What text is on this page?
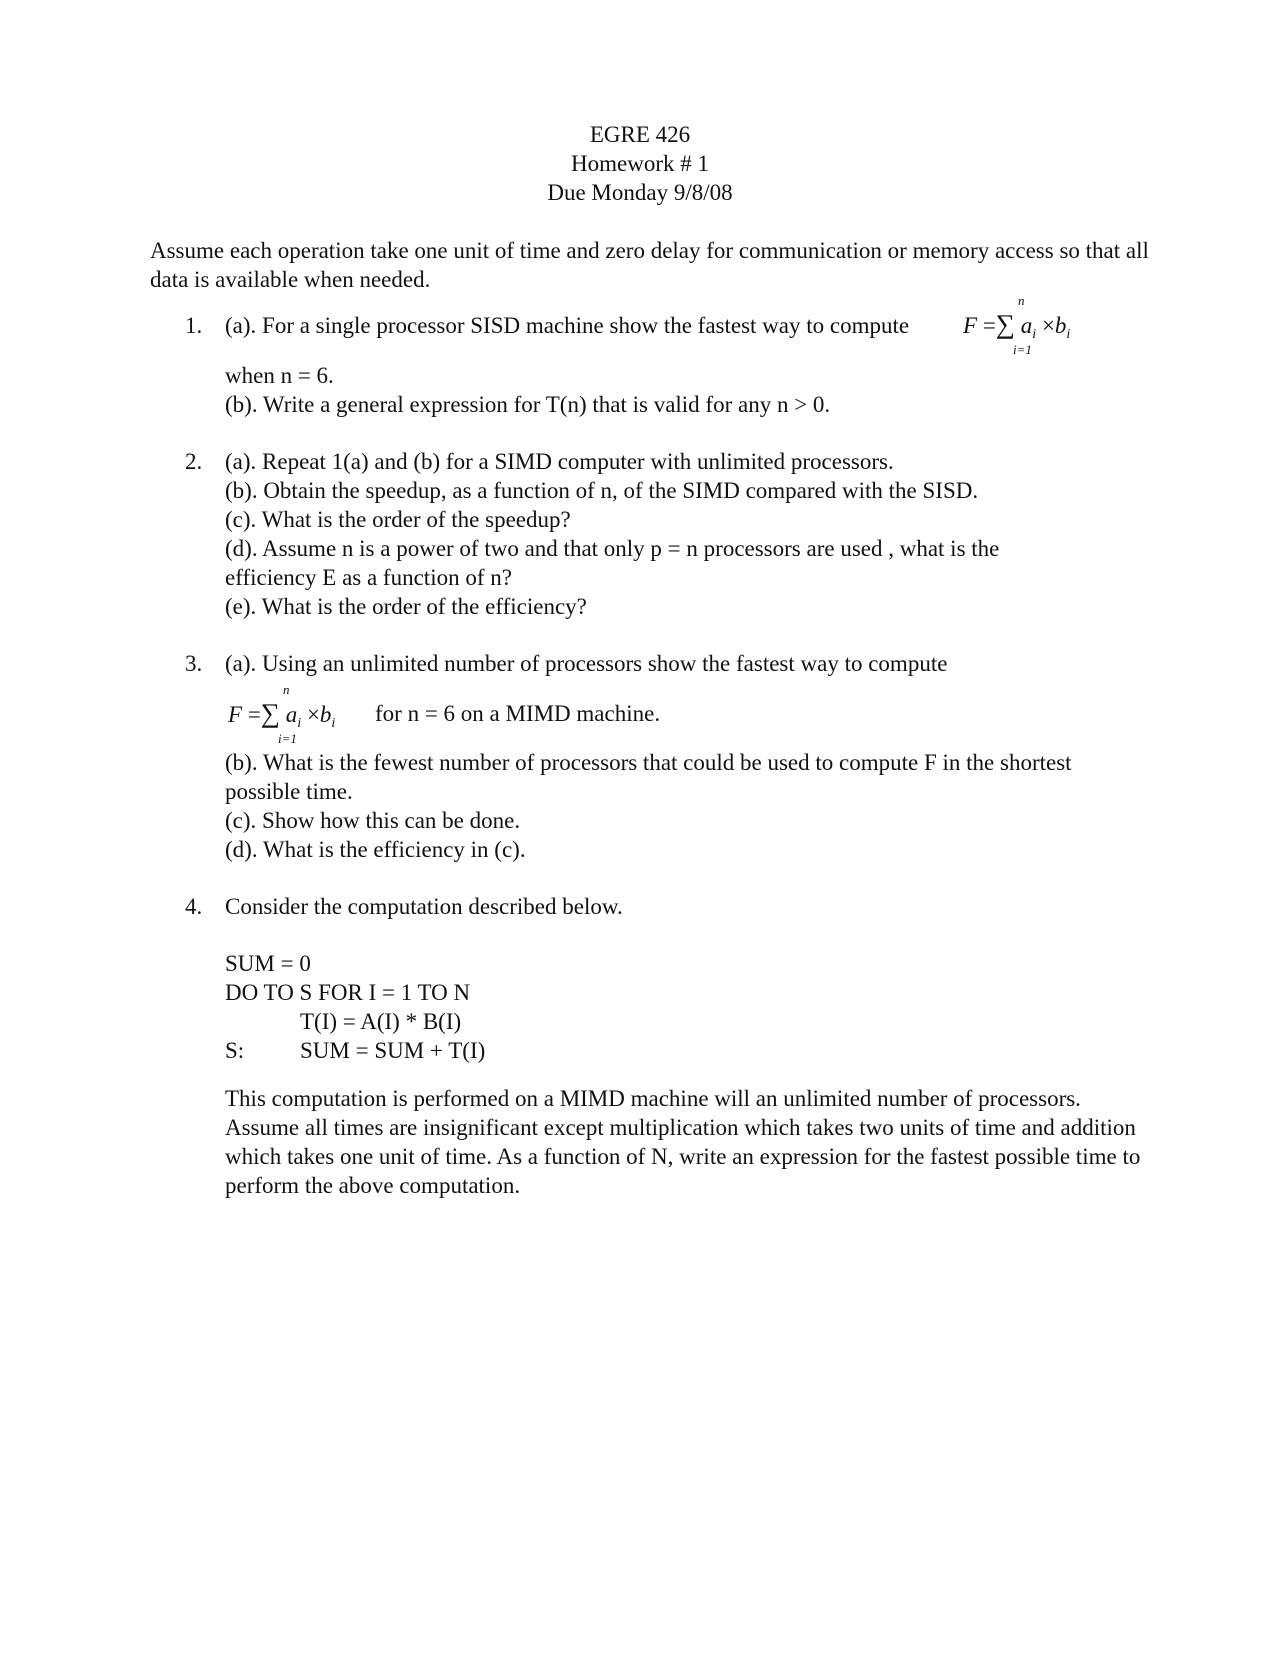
EGRE 426
Homework # 1
Due Monday 9/8/08
Assume each operation take one unit of time and zero delay for communication or memory access so that all data is available when needed.
1. (a). For a single processor SISD machine show the fastest way to compute
n
F =∑ $a_i \times b_i$
i=1
when n = 6.
(b). Write a general expression for T(n) that is valid for any n > 0.
2. (a). Repeat 1(a) and (b) for a SIMD computer with unlimited processors.
(b). Obtain the speedup, as a function of n, of the SIMD compared with the SISD.
(c). What is the order of the speedup?
(d). Assume n is a power of two and that only p = n processors are used , what is the efficiency E as a function of n?
(e). What is the order of the efficiency?
3. (a). Using an unlimited number of processors show the fastest way to compute
n
F =∑ $a_i \times b_i$
i=1
for n = 6 on a MIMD machine.
(b). What is the fewest number of processors that could be used to compute F in the shortest possible time.
(c). Show how this can be done.
(d). What is the efficiency in (c).
4. Consider the computation described below.
SUM = 0
DO TO S FOR I = 1 TO N
T(I) = A(I) * B(I)
S: SUM = SUM + T(I)
This computation is performed on a MIMD machine will an unlimited number of processors. Assume all times are insignificant except multiplication which takes two units of time and addition which takes one unit of time. As a function of N, write an expression for the fastest possible time to perform the above computation.
